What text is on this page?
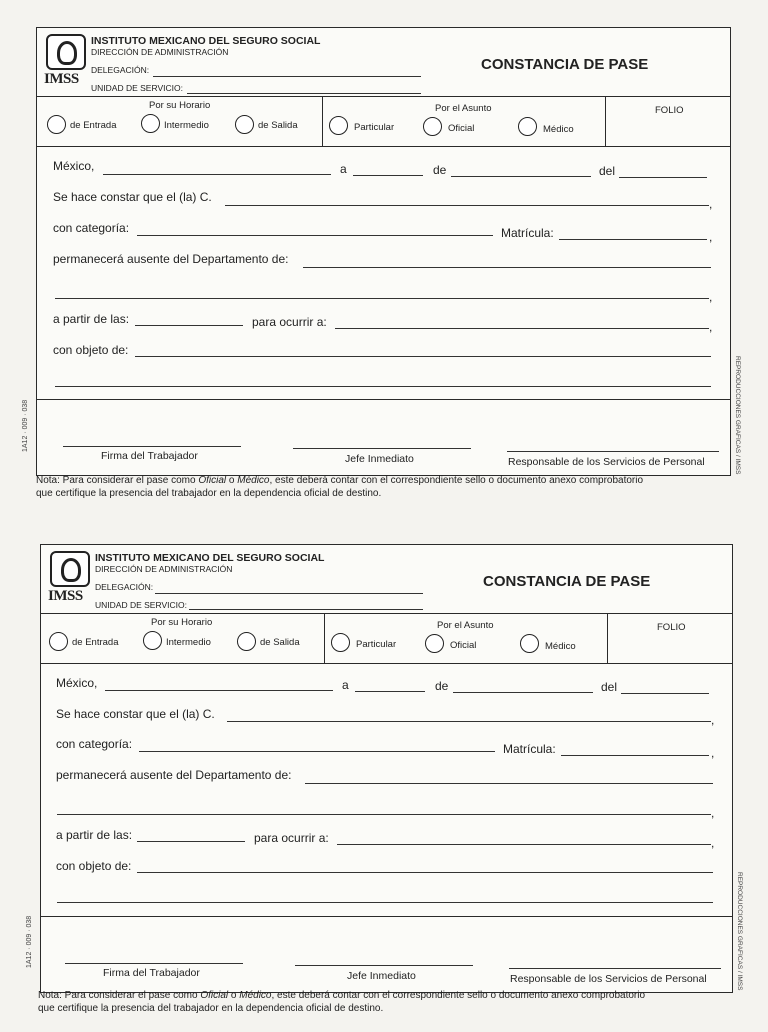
IMSS
INSTITUTO MEXICANO DEL SEGURO SOCIAL
DIRECCIÓN DE ADMINISTRACIÓN
DELEGACIÓN:
UNIDAD DE SERVICIO:
CONSTANCIA DE PASE
Por su Horario
de Entrada	Intermedio	de Salida
Por el Asunto
Particular	Oficial	Médico
FOLIO
México,	a	de	del
Se hace constar que el (la) C.	,
con categoría:	Matrícula:	,
permanecerá ausente del Departamento de:
,
a partir de las:	para ocurrir a:	,
con objeto de:
Firma del Trabajador	Jefe Inmediato	Responsable de los Servicios de Personal
Nota: Para considerar el pase como Oficial o Médico, este deberá contar con el correspondiente sello o documento anexo comprobatorio
que certifique la presencia del trabajador en la dependencia oficial de destino.
REPRODUCCIONES GRAFICAS / IMSS
1A12 · 009 · 038
IMSS
INSTITUTO MEXICANO DEL SEGURO SOCIAL
DIRECCIÓN DE ADMINISTRACIÓN
DELEGACIÓN:
UNIDAD DE SERVICIO:
CONSTANCIA DE PASE
Por su Horario
de Entrada	Intermedio	de Salida
Por el Asunto
Particular	Oficial	Médico
FOLIO
México,	a	de	del
Se hace constar que el (la) C.	,
con categoría:	Matrícula:	,
permanecerá ausente del Departamento de:
,
a partir de las:	para ocurrir a:	,
con objeto de:
Firma del Trabajador	Jefe Inmediato	Responsable de los Servicios de Personal
Nota: Para considerar el pase como Oficial o Médico, este deberá contar con el correspondiente sello o documento anexo comprobatorio
que certifique la presencia del trabajador en la dependencia oficial de destino.
REPRODUCCIONES GRAFICAS / IMSS
1A12 · 009 · 038
